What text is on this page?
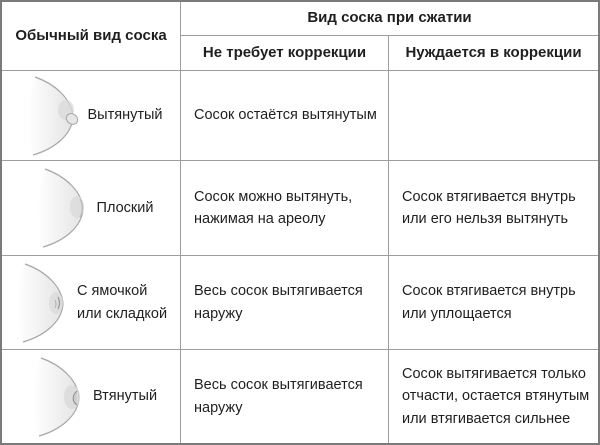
Обычный вид соска
Вид соска при сжатии
Не требует коррекции	Нуждается в коррекции
Вытянутый	Сосок остаётся вытянутым
Плоский
Сосок можно вытянуть, нажимая на ареолу
Сосок втягивается внутрь или его нельзя вытянуть
С ямочкой или складкой
Весь сосок вытягивается наружу
Сосок втягивается внутрь или уплощается
Втянутый
Весь сосок вытягивается наружу
Сосок вытягивается только отчасти, остается втянутым или втягивается сильнее
